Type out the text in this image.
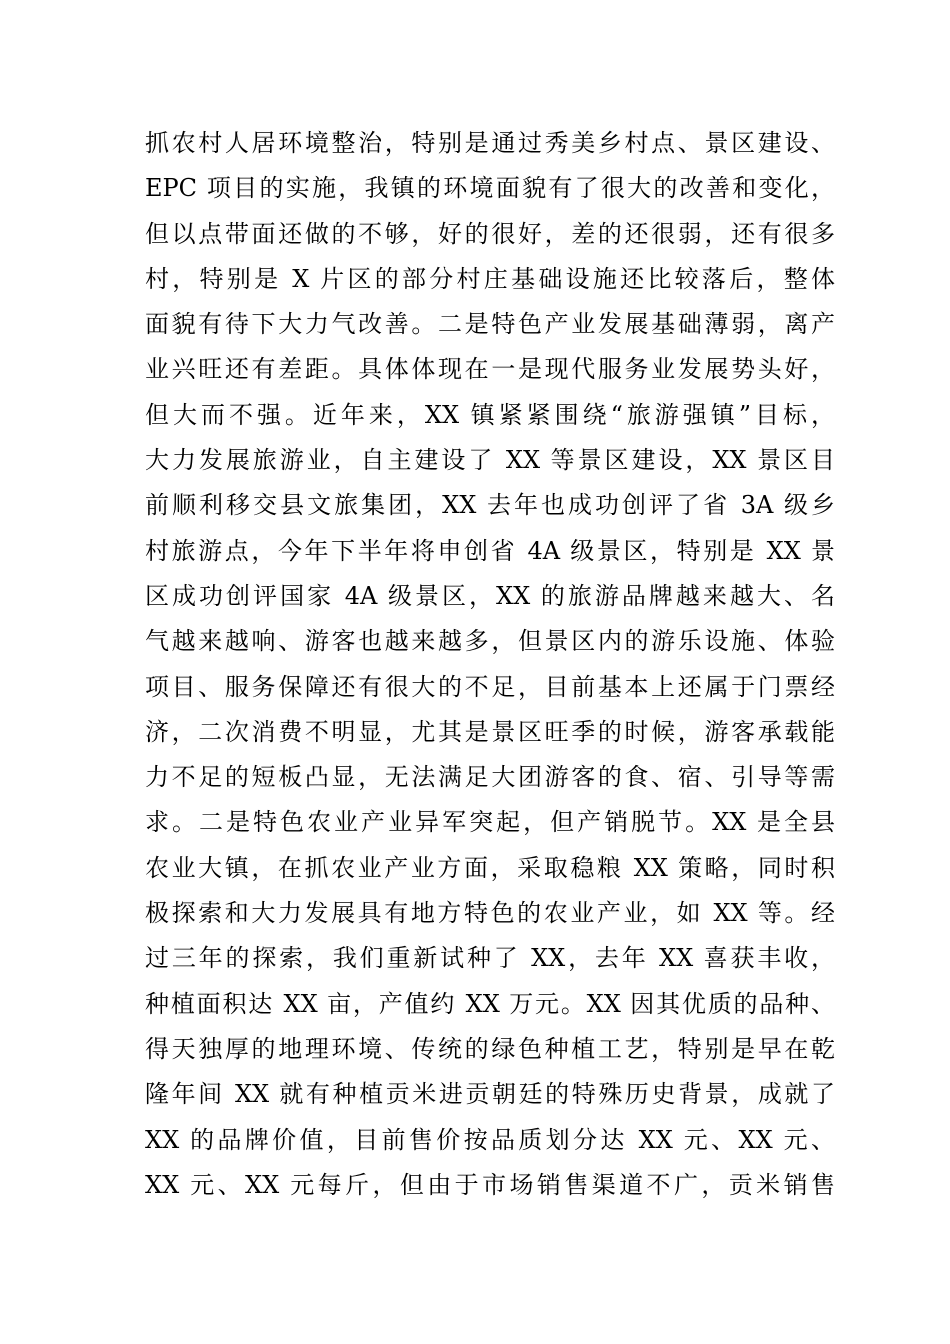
抓农村人居环境整治，特别是通过秀美乡村点、景区建设、
EPC 项目的实施，我镇的环境面貌有了很大的改善和变化，
但以点带面还做的不够，好的很好，差的还很弱，还有很多
村，特别是 X 片区的部分村庄基础设施还比较落后，整体
面貌有待下大力气改善。二是特色产业发展基础薄弱，离产
业兴旺还有差距。具体体现在一是现代服务业发展势头好，
但大而不强。近年来，XX 镇紧紧围绕“旅游强镇”目标，
大力发展旅游业，自主建设了 XX 等景区建设，XX 景区目
前顺利移交县文旅集团，XX 去年也成功创评了省 3A 级乡
村旅游点，今年下半年将申创省 4A 级景区，特别是 XX 景
区成功创评国家 4A 级景区，XX 的旅游品牌越来越大、名
气越来越响、游客也越来越多，但景区内的游乐设施、体验
项目、服务保障还有很大的不足，目前基本上还属于门票经
济，二次消费不明显，尤其是景区旺季的时候，游客承载能
力不足的短板凸显，无法满足大团游客的食、宿、引导等需
求。二是特色农业产业异军突起，但产销脱节。XX 是全县
农业大镇，在抓农业产业方面，采取稳粮 XX 策略，同时积
极探索和大力发展具有地方特色的农业产业，如 XX 等。经
过三年的探索，我们重新试种了 XX，去年 XX 喜获丰收，
种植面积达 XX 亩，产值约 XX 万元。XX 因其优质的品种、
得天独厚的地理环境、传统的绿色种植工艺，特别是早在乾
隆年间 XX 就有种植贡米进贡朝廷的特殊历史背景，成就了
XX 的品牌价值，目前售价按品质划分达 XX 元、XX 元、
XX 元、XX 元每斤，但由于市场销售渠道不广，贡米销售
